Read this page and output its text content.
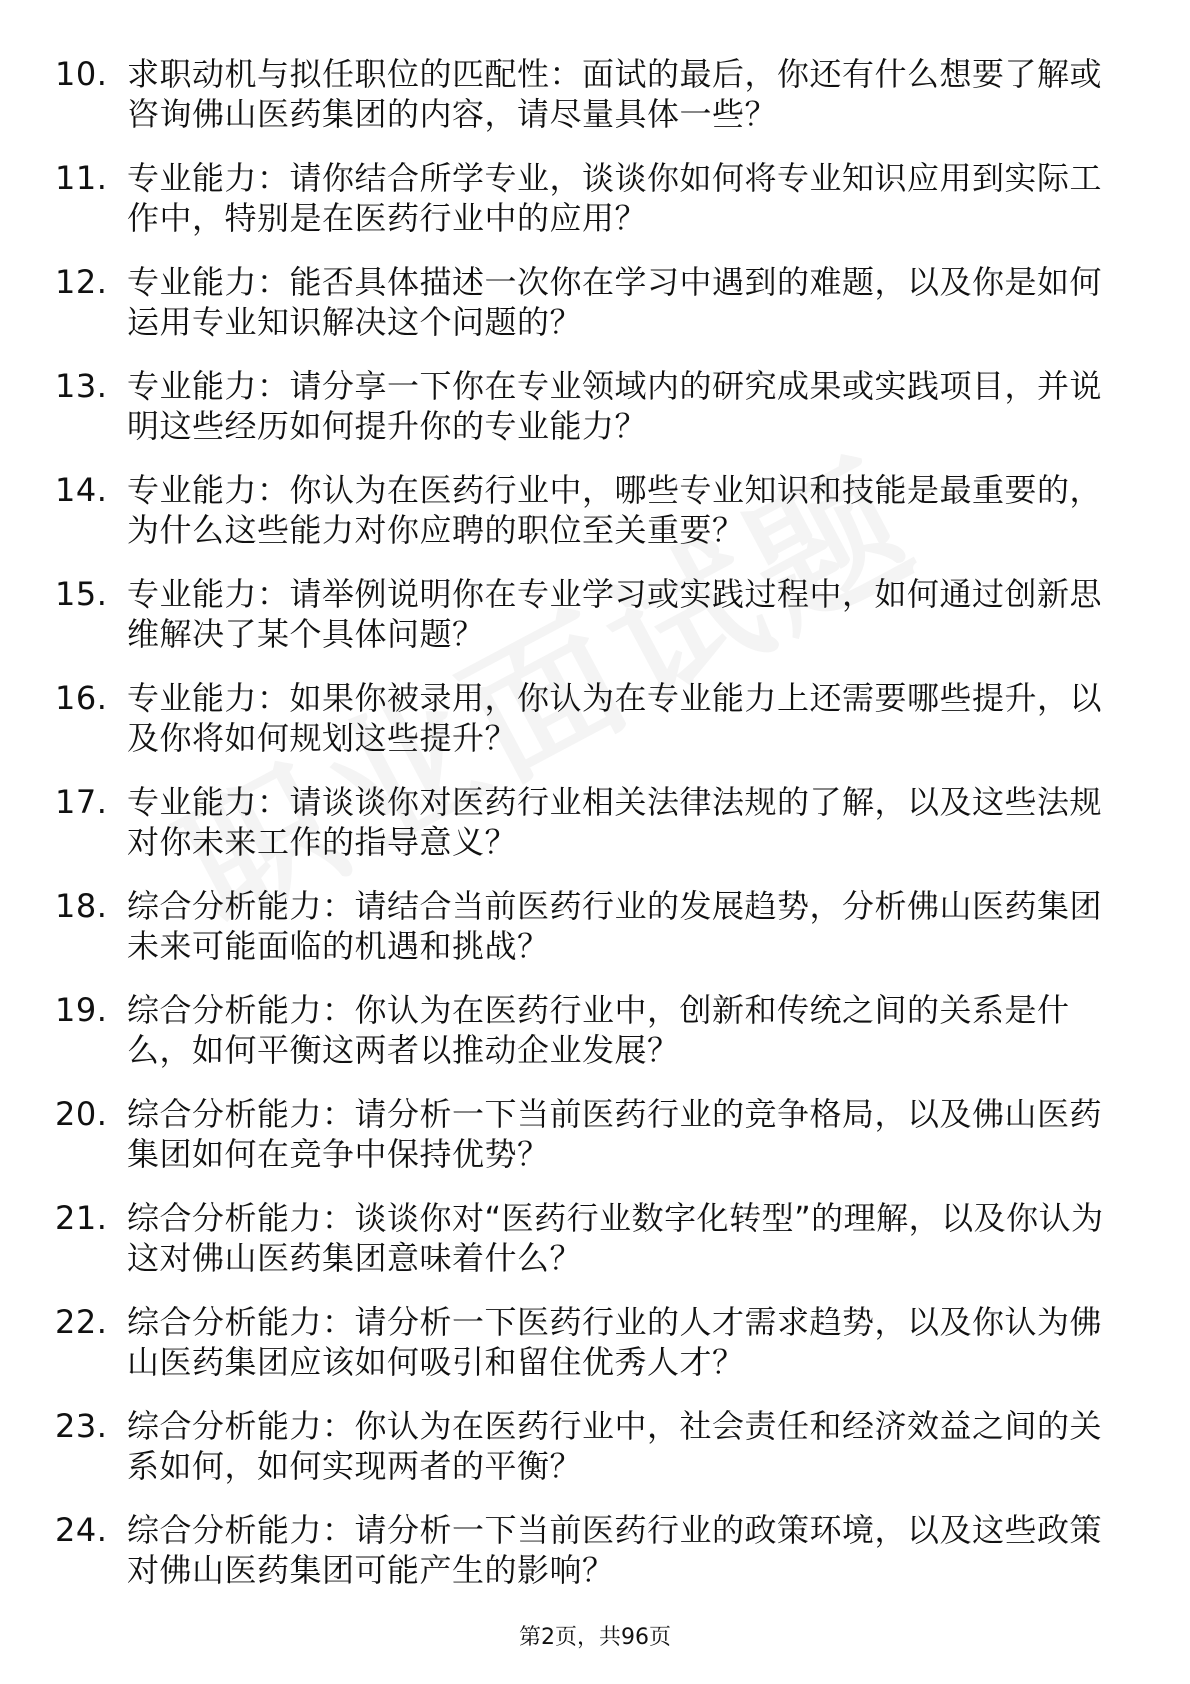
10. 求职动机与拟任职位的匹配性：面试的最后，你还有什么想要了解或咨询佛山医药集团的内容，请尽量具体一些？
11. 专业能力：请你结合所学专业，谈谈你如何将专业知识应用到实际工作中，特别是在医药行业中的应用？
12. 专业能力：能否具体描述一次你在学习中遇到的难题，以及你是如何运用专业知识解决这个问题的？
13. 专业能力：请分享一下你在专业领域内的研究成果或实践项目，并说明这些经历如何提升你的专业能力？
14. 专业能力：你认为在医药行业中，哪些专业知识和技能是最重要的，为什么这些能力对你应聘的职位至关重要？
15. 专业能力：请举例说明你在专业学习或实践过程中，如何通过创新思维解决了某个具体问题？
16. 专业能力：如果你被录用，你认为在专业能力上还需要哪些提升，以及你将如何规划这些提升？
17. 专业能力：请谈谈你对医药行业相关法律法规的了解，以及这些法规对你未来工作的指导意义？
18. 综合分析能力：请结合当前医药行业的发展趋势，分析佛山医药集团未来可能面临的机遇和挑战？
19. 综合分析能力：你认为在医药行业中，创新和传统之间的关系是什么，如何平衡这两者以推动企业发展？
20. 综合分析能力：请分析一下当前医药行业的竞争格局，以及佛山医药集团如何在竞争中保持优势？
21. 综合分析能力：谈谈你对“医药行业数字化转型”的理解，以及你认为这对佛山医药集团意味着什么？
22. 综合分析能力：请分析一下医药行业的人才需求趋势，以及你认为佛山医药集团应该如何吸引和留住优秀人才？
23. 综合分析能力：你认为在医药行业中，社会责任和经济效益之间的关系如何，如何实现两者的平衡？
24. 综合分析能力：请分析一下当前医药行业的政策环境，以及这些政策对佛山医药集团可能产生的影响？
第2页，共96页
